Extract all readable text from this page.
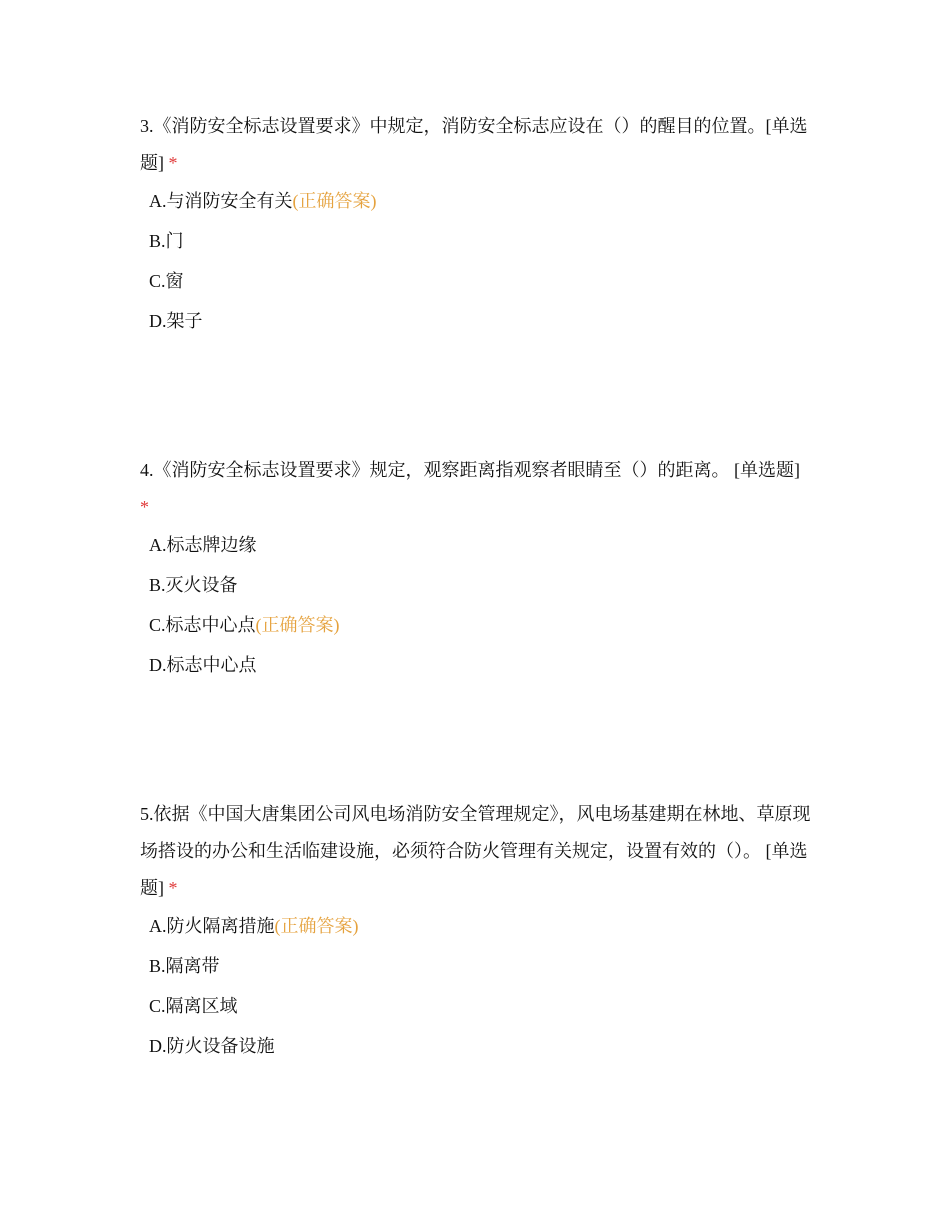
3.《消防安全标志设置要求》中规定，消防安全标志应设在（）的醒目的位置。[单选题] *

A.与消防安全有关(正确答案)
B.门
C.窗
D.架子

4.《消防安全标志设置要求》规定，观察距离指观察者眼睛至（）的距离。 [单选题] *

A.标志牌边缘
B.灭火设备
C.标志中心点(正确答案)
D.标志中心点

5.依据《中国大唐集团公司风电场消防安全管理规定》，风电场基建期在林地、草原现场搭设的办公和生活临建设施，必须符合防火管理有关规定，设置有效的（）。 [单选题] *

A.防火隔离措施(正确答案)
B.隔离带
C.隔离区域
D.防火设备设施
